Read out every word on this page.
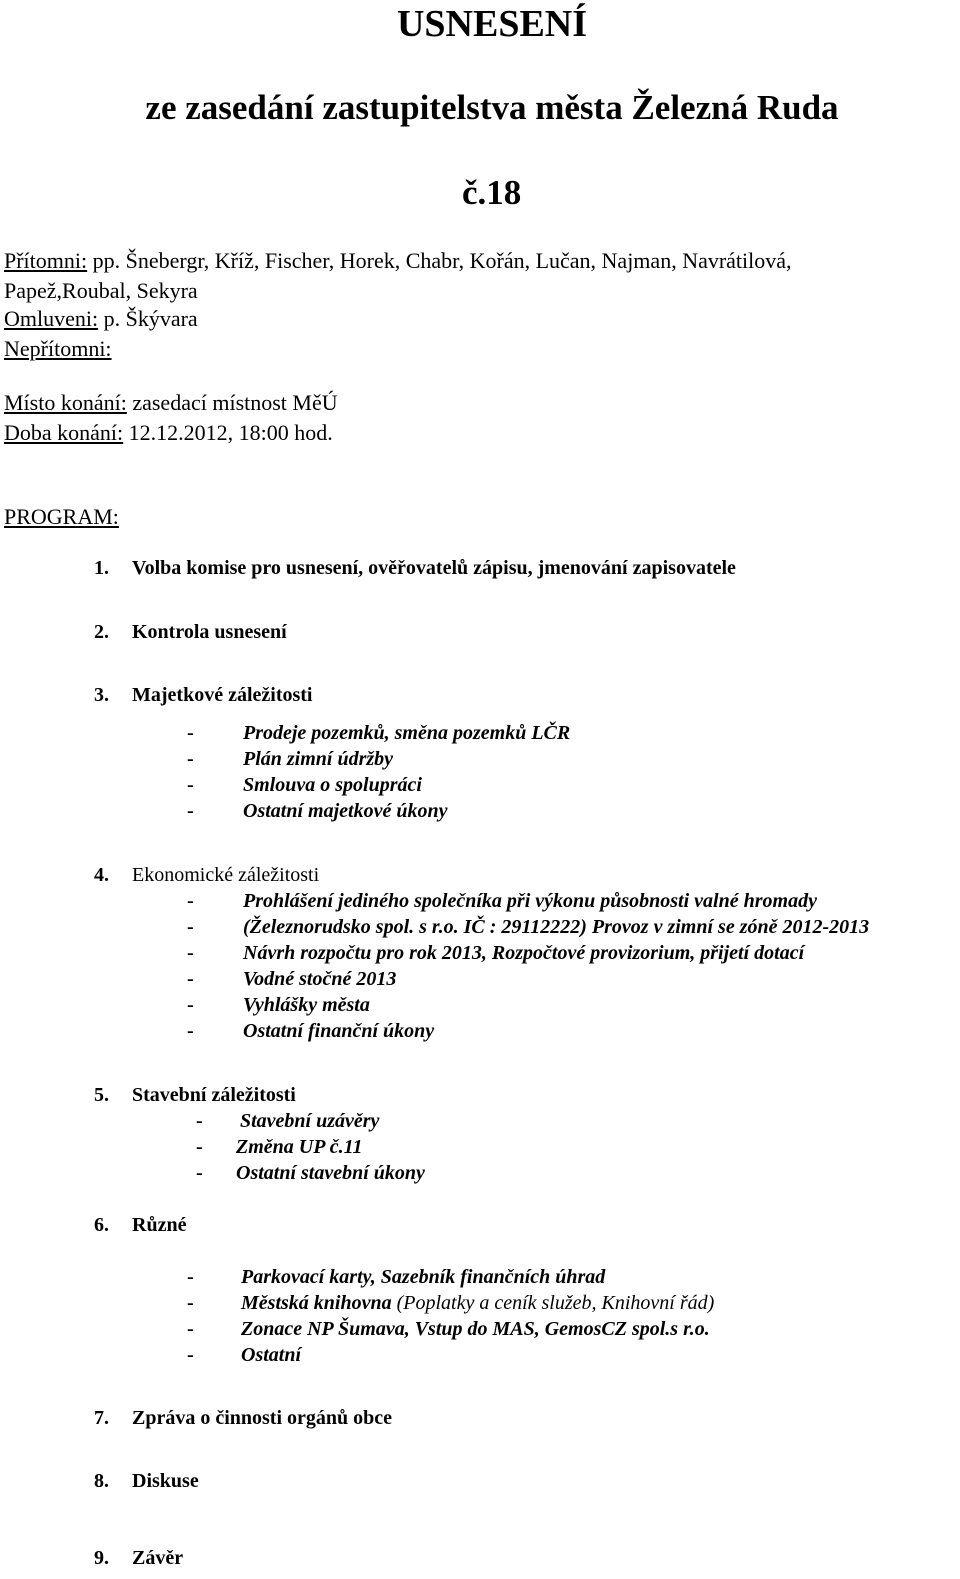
USNESENÍ
ze zasedání zastupitelstva města Železná Ruda
č.18
Přítomni: pp. Šnebergr, Kříž, Fischer, Horek, Chabr, Kořán, Lučan, Najman, Navrátilová,
Papež,Roubal, Sekyra
Omluveni: p. Škývara
Nepřítomni:
Místo konání: zasedací místnost MěÚ
Doba konání: 12.12.2012, 18:00 hod.
PROGRAM:
1. Volba komise pro usnesení, ověřovatelů zápisu, jmenování zapisovatele
2. Kontrola usnesení
3. Majetkové záležitosti
- Prodeje pozemků, směna pozemků LČR
- Plán zimní údržby
- Smlouva o spolupráci
- Ostatní majetkové úkony
4. Ekonomické záležitosti
- Prohlášení jediného společníka při výkonu působnosti valné hromady
- (Železnorudsko spol. s r.o. IČ : 29112222) Provoz v zimní se zóně 2012-2013
- Návrh rozpočtu pro rok 2013, Rozpočtové provizorium, přijetí dotací
- Vodné stočné 2013
- Vyhlášky města
- Ostatní finanční úkony
5. Stavební záležitosti
- Stavební uzávěry
- Změna UP č.11
- Ostatní stavební úkony
6. Různé
- Parkovací karty, Sazebník finančních úhrad
- Městská knihovna (Poplatky a ceník služeb, Knihovní řád)
- Zonace NP Šumava, Vstup do MAS, GemosCZ spol.s r.o.
- Ostatní
7. Zpráva o činnosti orgánů obce
8. Diskuse
9. Závěr
